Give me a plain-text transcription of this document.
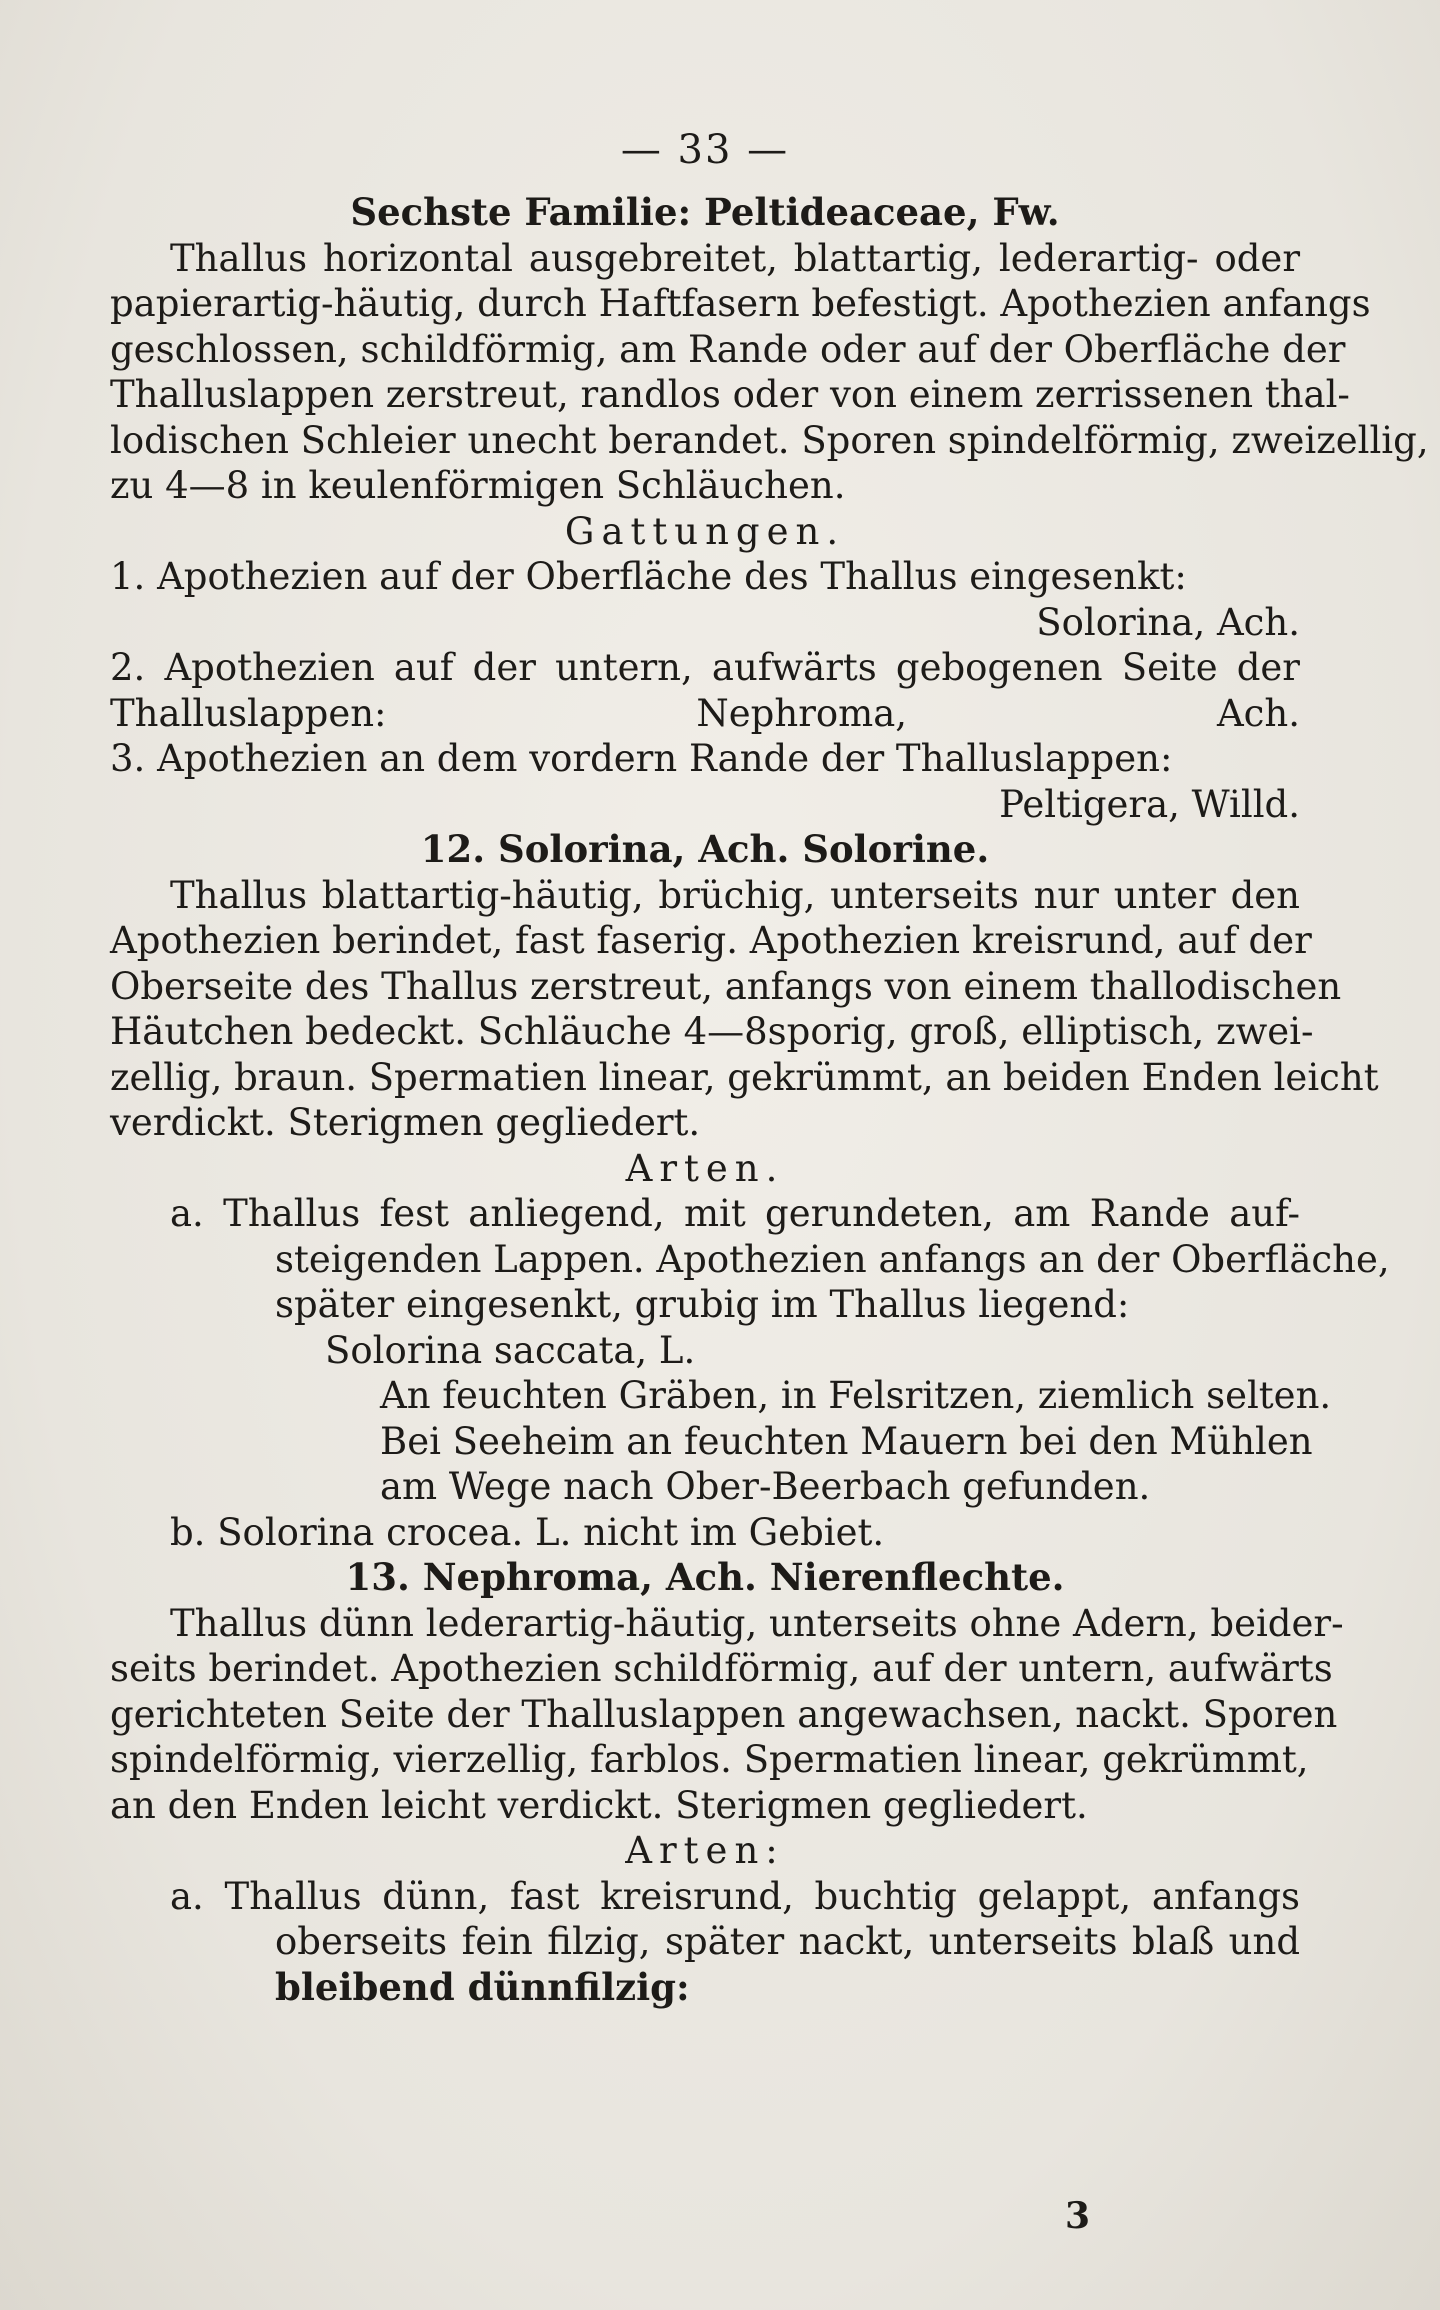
— 33 —
Sechste Familie: Peltideaceae, Fw.
Thallus horizontal ausgebreitet, blattartig, lederartig- oder
papierartig-häutig, durch Haftfasern befestigt. Apothezien anfangs
geschlossen, schildförmig, am Rande oder auf der Oberfläche der
Thalluslappen zerstreut, randlos oder von einem zerrissenen thal-
lodischen Schleier unecht berandet. Sporen spindelförmig, zweizellig,
zu 4—8 in keulenförmigen Schläuchen.
Gattungen.
1. Apothezien auf der Oberfläche des Thallus eingesenkt:
Solorina, Ach.
2. Apothezien auf der untern, aufwärts gebogenen Seite der
Thalluslappen: Nephroma, Ach.
3. Apothezien an dem vordern Rande der Thalluslappen:
Peltigera, Willd.
12. Solorina, Ach. Solorine.
Thallus blattartig-häutig, brüchig, unterseits nur unter den
Apothezien berindet, fast faserig. Apothezien kreisrund, auf der
Oberseite des Thallus zerstreut, anfangs von einem thallodischen
Häutchen bedeckt. Schläuche 4—8sporig, groß, elliptisch, zwei-
zellig, braun. Spermatien linear, gekrümmt, an beiden Enden leicht
verdickt. Sterigmen gegliedert.
Arten.
a. Thallus fest anliegend, mit gerundeten, am Rande auf-
steigenden Lappen. Apothezien anfangs an der Oberfläche,
später eingesenkt, grubig im Thallus liegend:
Solorina saccata, L.
An feuchten Gräben, in Felsritzen, ziemlich selten.
Bei Seeheim an feuchten Mauern bei den Mühlen
am Wege nach Ober-Beerbach gefunden.
b. Solorina crocea. L. nicht im Gebiet.
13. Nephroma, Ach. Nierenflechte.
Thallus dünn lederartig-häutig, unterseits ohne Adern, beider-
seits berindet. Apothezien schildförmig, auf der untern, aufwärts
gerichteten Seite der Thalluslappen angewachsen, nackt. Sporen
spindelförmig, vierzellig, farblos. Spermatien linear, gekrümmt,
an den Enden leicht verdickt. Sterigmen gegliedert.
Arten:
a. Thallus dünn, fast kreisrund, buchtig gelappt, anfangs
oberseits fein filzig, später nackt, unterseits blaß und
bleibend dünnfilzig:
3
